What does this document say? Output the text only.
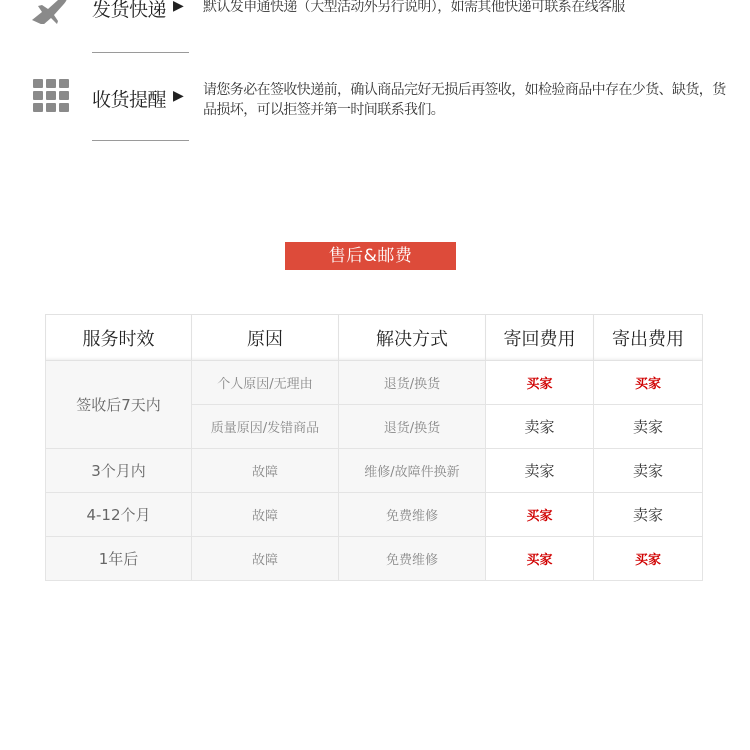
发货快递 ▶ 默认发申通快递（大型活动外另行说明），如需其他快递可联系在线客服
收货提醒 ▶ 请您务必在签收快递前，确认商品完好无损后再签收，如检验商品中存在少货、缺货，货品损坏，可以拒签并第一时间联系我们。
售后&邮费
服务时效	原因	解决方式	寄回费用	寄出费用
签收后7天内	个人原因/无理由	退货/换货	买家	买家
	质量原因/发错商品	退货/换货	卖家	卖家
3个月内	故障	维修/故障件换新	卖家	卖家
4-12个月	故障	免费维修	买家	卖家
1年后	故障	免费维修	买家	买家
